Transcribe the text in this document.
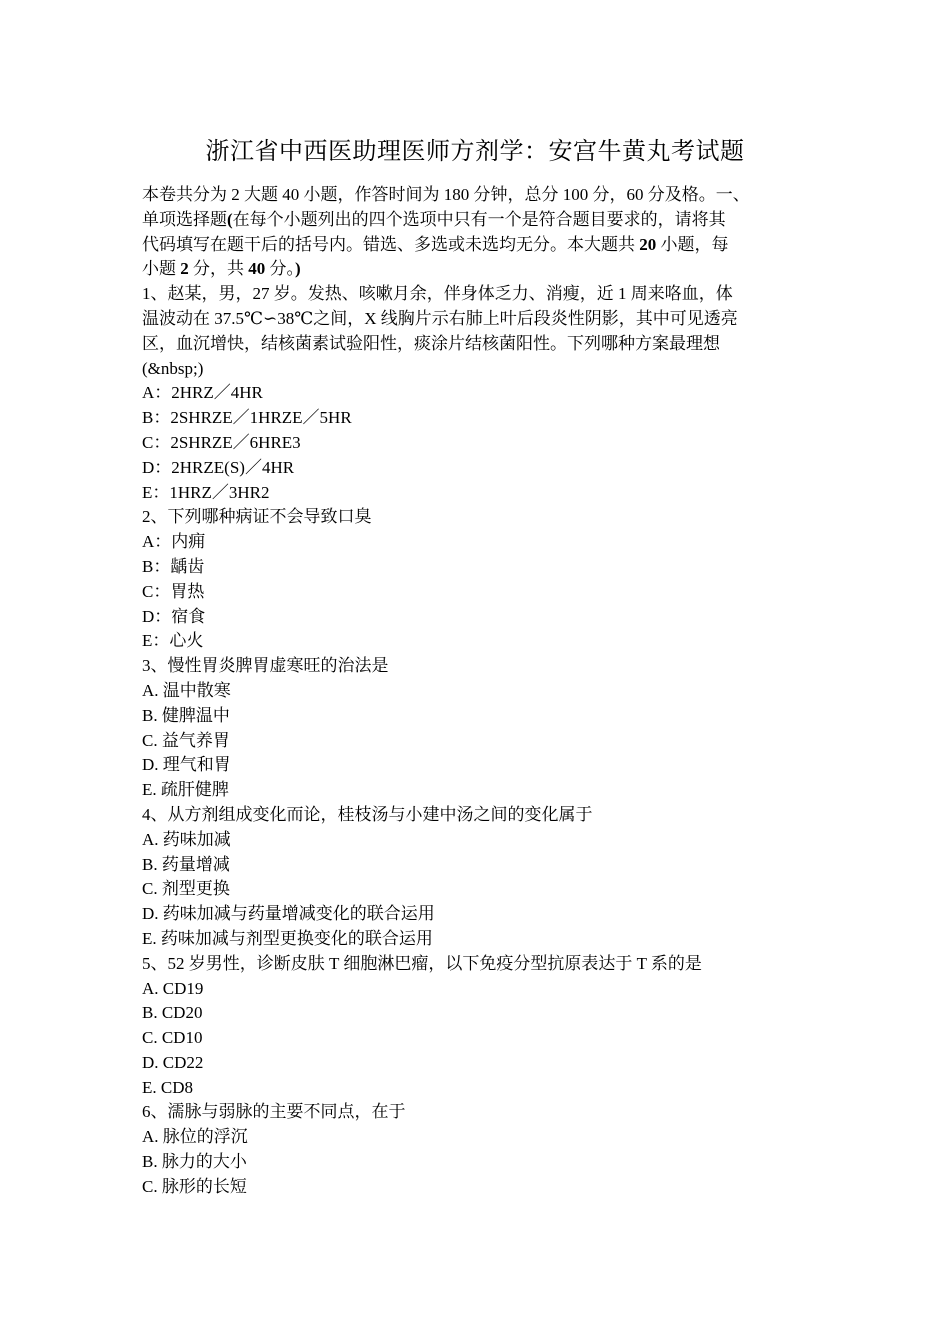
浙江省中西医助理医师方剂学：安宫牛黄丸考试题
本卷共分为 2 大题 40 小题，作答时间为 180 分钟，总分 100 分，60 分及格。一、
单项选择题(在每个小题列出的四个选项中只有一个是符合题目要求的，请将其
代码填写在题干后的括号内。错选、多选或未选均无分。本大题共 20 小题，每
小题 2 分，共 40 分。)
1、赵某，男，27 岁。发热、咳嗽月余，伴身体乏力、消瘦，近 1 周来咯血，体
温波动在 37.5℃∽38℃之间，X 线胸片示右肺上叶后段炎性阴影，其中可见透亮
区，血沉增快，结核菌素试验阳性，痰涂片结核菌阳性。下列哪种方案最理想
(&nbsp;)
A：2HRZ／4HR
B：2SHRZE／1HRZE／5HR
C：2SHRZE／6HRE3
D：2HRZE(S)／4HR
E：1HRZ／3HR2
2、下列哪种病证不会导致口臭
A：内痈
B：龋齿
C：胃热
D：宿食
E：心火
3、慢性胃炎脾胃虚寒旺的治法是
A. 温中散寒
B. 健脾温中
C. 益气养胃
D. 理气和胃
E. 疏肝健脾
4、从方剂组成变化而论，桂枝汤与小建中汤之间的变化属于
A. 药味加减
B. 药量增减
C. 剂型更换
D. 药味加减与药量增减变化的联合运用
E. 药味加减与剂型更换变化的联合运用
5、52 岁男性，诊断皮肤 T 细胞淋巴瘤，以下免疫分型抗原表达于 T 系的是
A. CD19
B. CD20
C. CD10
D. CD22
E. CD8
6、濡脉与弱脉的主要不同点，在于
A. 脉位的浮沉
B. 脉力的大小
C. 脉形的长短
